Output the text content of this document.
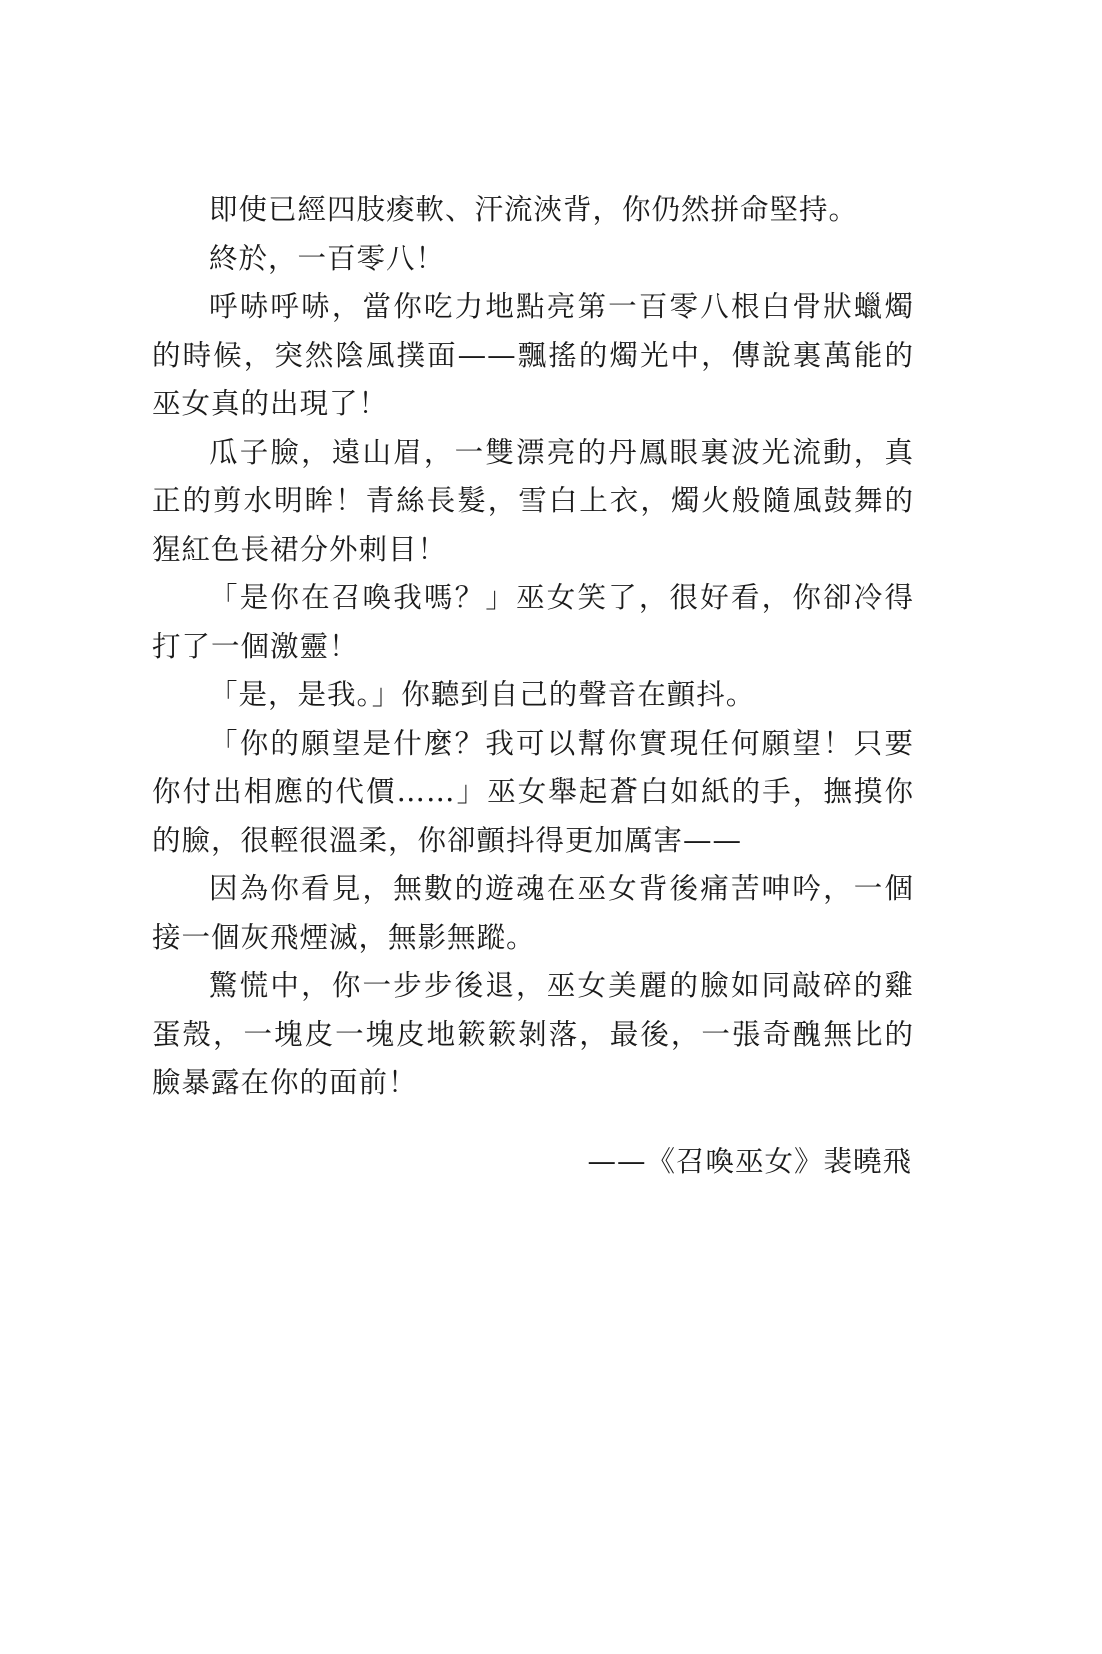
即使已經四肢痠軟、汗流浹背，你仍然拼命堅持。

終於，一百零八！

呼哧呼哧，當你吃力地點亮第一百零八根白骨狀蠟燭的時候，突然陰風撲面——飄搖的燭光中，傳說裏萬能的巫女真的出現了！

瓜子臉，遠山眉，一雙漂亮的丹鳳眼裏波光流動，真正的剪水明眸！青絲長髮，雪白上衣，燭火般隨風鼓舞的猩紅色長裙分外刺目！

「是你在召喚我嗎？」巫女笑了，很好看，你卻冷得打了一個激靈！

「是，是我。」你聽到自己的聲音在顫抖。

「你的願望是什麼？我可以幫你實現任何願望！只要你付出相應的代價……」巫女舉起蒼白如紙的手，撫摸你的臉，很輕很溫柔，你卻顫抖得更加厲害——

因為你看見，無數的遊魂在巫女背後痛苦呻吟，一個接一個灰飛煙滅，無影無蹤。

驚慌中，你一步步後退，巫女美麗的臉如同敲碎的雞蛋殼，一塊皮一塊皮地簌簌剝落，最後，一張奇醜無比的臉暴露在你的面前！

——《召喚巫女》裴曉飛
